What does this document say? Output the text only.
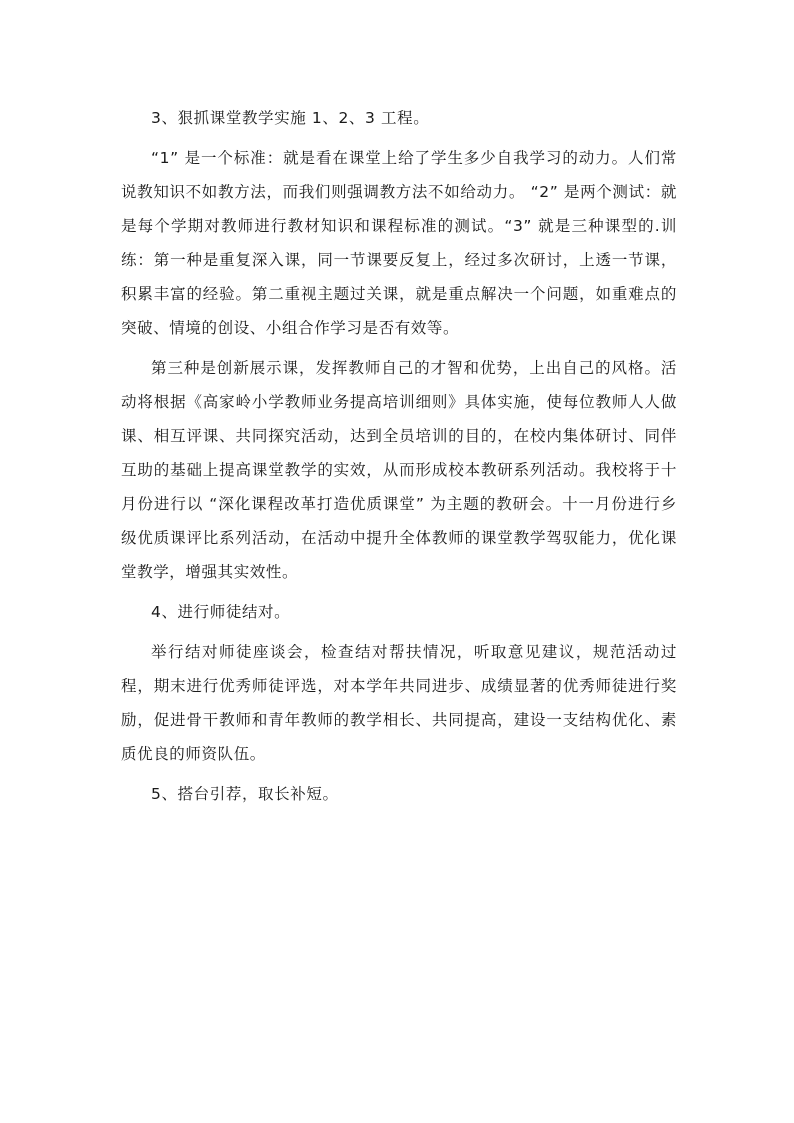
3、狠抓课堂教学实施 1、2、3 工程。

“1” 是一个标准：就是看在课堂上给了学生多少自我学习的动力。人们常说教知识不如教方法，而我们则强调教方法不如给动力。 “2” 是两个测试：就是每个学期对教师进行教材知识和课程标准的测试。“3” 就是三种课型的.训练：第一种是重复深入课，同一节课要反复上，经过多次研讨，上透一节课，积累丰富的经验。第二重视主题过关课，就是重点解决一个问题，如重难点的突破、情境的创设、小组合作学习是否有效等。

第三种是创新展示课，发挥教师自己的才智和优势，上出自己的风格。活动将根据《高家岭小学教师业务提高培训细则》具体实施，使每位教师人人做课、相互评课、共同探究活动，达到全员培训的目的，在校内集体研讨、同伴互助的基础上提高课堂教学的实效，从而形成校本教研系列活动。我校将于十月份进行以 “深化课程改革打造优质课堂” 为主题的教研会。十一月份进行乡级优质课评比系列活动，在活动中提升全体教师的课堂教学驾驭能力，优化课堂教学，增强其实效性。

4、进行师徒结对。

举行结对师徒座谈会，检查结对帮扶情况，听取意见建议，规范活动过程，期末进行优秀师徒评选，对本学年共同进步、成绩显著的优秀师徒进行奖励，促进骨干教师和青年教师的教学相长、共同提高，建设一支结构优化、素质优良的师资队伍。

5、搭台引荐，取长补短。
